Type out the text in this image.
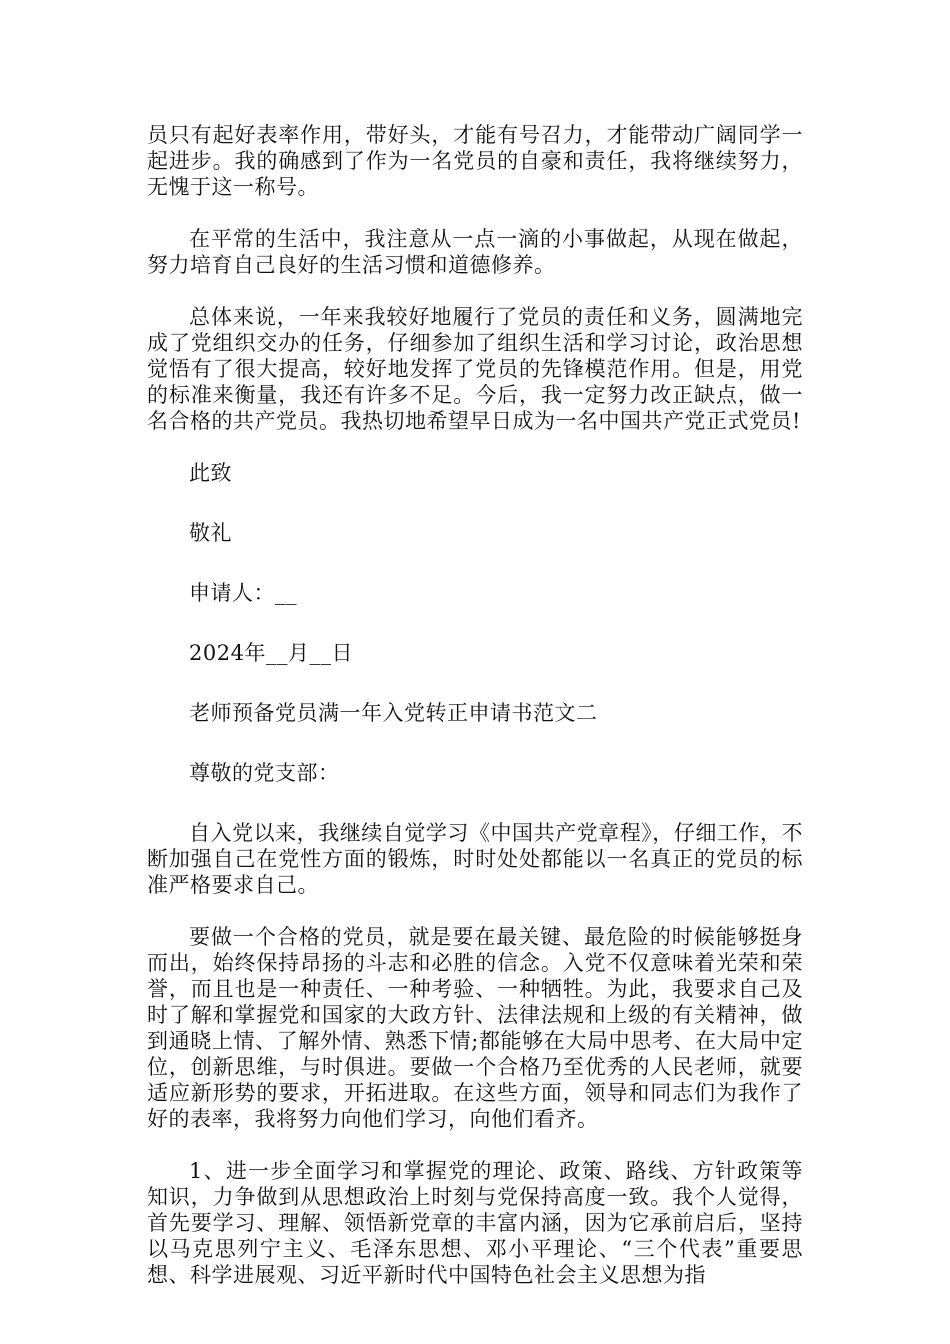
员只有起好表率作用，带好头，才能有号召力，才能带动广阔同学一起进步。我的确感到了作为一名党员的自豪和责任，我将继续努力，无愧于这一称号。

在平常的生活中，我注意从一点一滴的小事做起，从现在做起，努力培育自己良好的生活习惯和道德修养。

总体来说，一年来我较好地履行了党员的责任和义务，圆满地完成了党组织交办的任务，仔细参加了组织生活和学习讨论，政治思想觉悟有了很大提高，较好地发挥了党员的先锋模范作用。但是，用党的标准来衡量，我还有许多不足。今后，我一定努力改正缺点，做一名合格的共产党员。我热切地希望早日成为一名中国共产党正式党员!

此致

敬礼

申请人：__

2024年__月__日

老师预备党员满一年入党转正申请书范文二

尊敬的党支部：

自入党以来，我继续自觉学习《中国共产党章程》，仔细工作，不断加强自己在党性方面的锻炼，时时处处都能以一名真正的党员的标准严格要求自己。

要做一个合格的党员，就是要在最关键、最危险的时候能够挺身而出，始终保持昂扬的斗志和必胜的信念。入党不仅意味着光荣和荣誉，而且也是一种责任、一种考验、一种牺牲。为此，我要求自己及时了解和掌握党和国家的大政方针、法律法规和上级的有关精神，做到通晓上情、了解外情、熟悉下情;都能够在大局中思考、在大局中定位，创新思维，与时俱进。要做一个合格乃至优秀的人民老师，就要适应新形势的要求，开拓进取。在这些方面，领导和同志们为我作了好的表率，我将努力向他们学习，向他们看齐。

1、进一步全面学习和掌握党的理论、政策、路线、方针政策等知识，力争做到从思想政治上时刻与党保持高度一致。我个人觉得，首先要学习、理解、领悟新党章的丰富内涵，因为它承前启后，坚持以马克思列宁主义、毛泽东思想、邓小平理论、“三个代表”重要思想、科学进展观、习近平新时代中国特色社会主义思想为指
